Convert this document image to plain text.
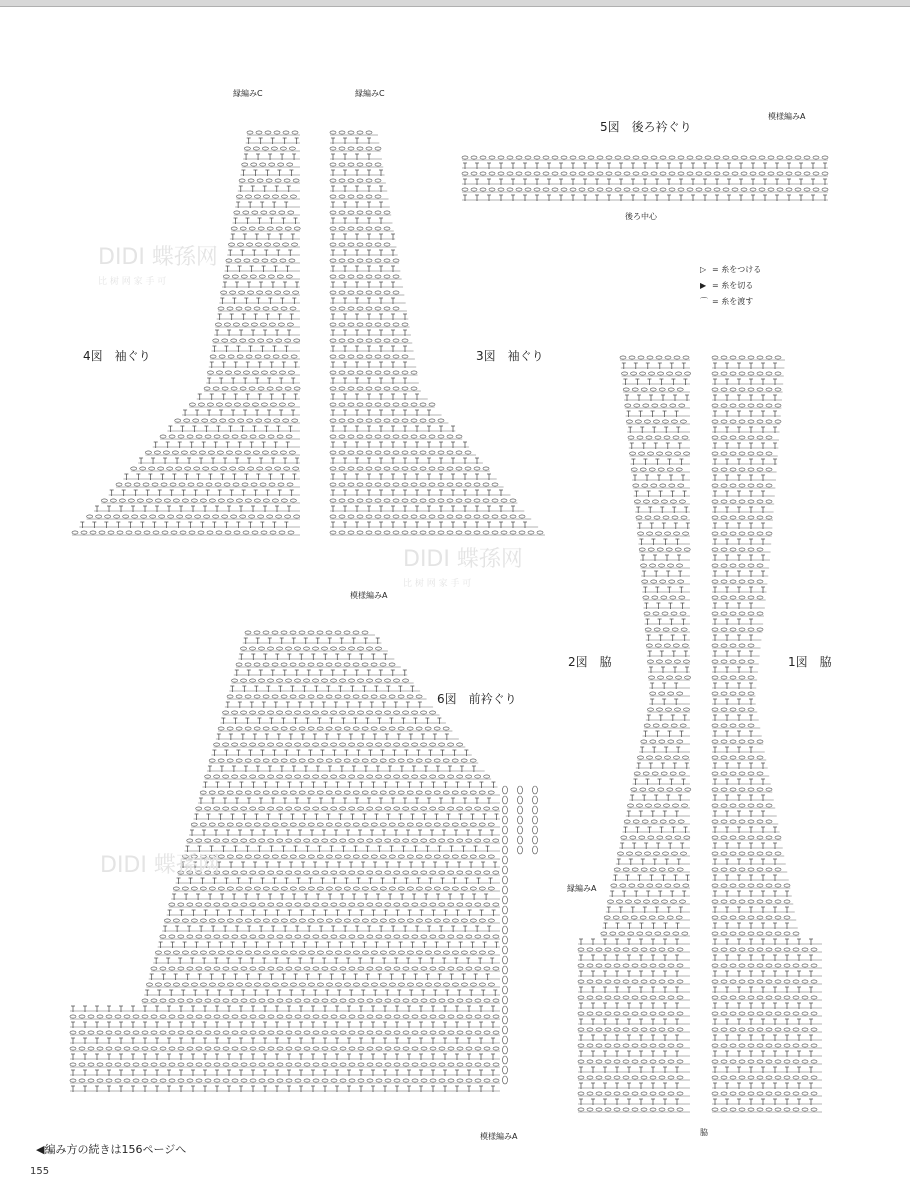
4図　袖ぐり	3図　袖ぐり
5図　後ろ衿ぐり
6図　前衿ぐり
2図　脇	1図　脇
縁編みC	縁編みC
模様編みA
後ろ中心
模様編みA
模様編みA
縁編みA
脇
▷ = 糸をつける
▶ = 糸を切る
⌒ = 糸を渡す
DIDI 蝶孫网
比 树 网 家 手 可
DIDI 蝶孫网
比 树 网 家 手 可
DIDI 蝶孫网
◀編み方の続きは156ページへ
155
